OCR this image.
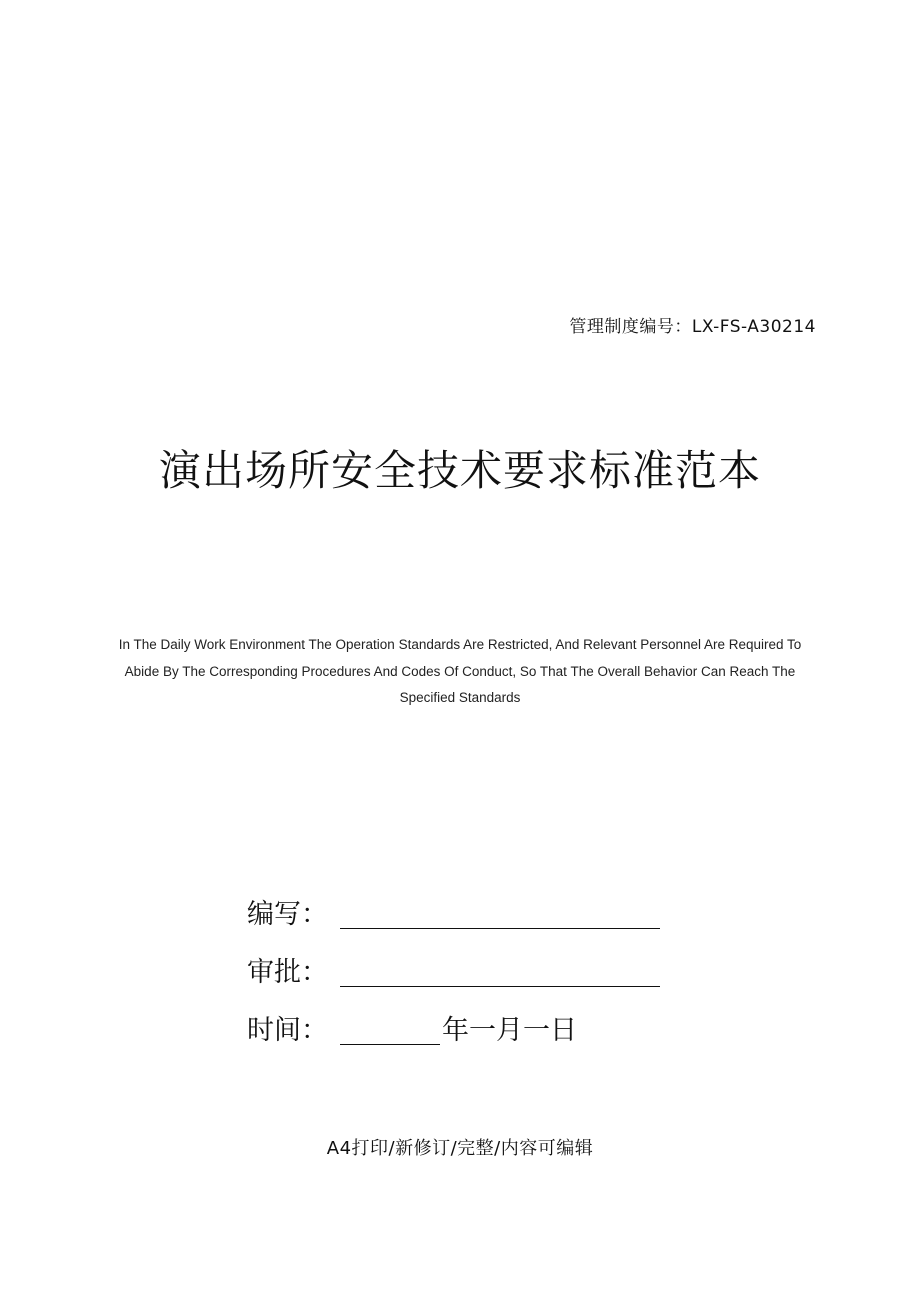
管理制度编号：LX-FS-A30214
演出场所安全技术要求标准范本
In The Daily Work Environment The Operation Standards Are Restricted, And Relevant Personnel Are Required To Abide By The Corresponding Procedures And Codes Of Conduct, So That The Overall Behavior Can Reach The Specified Standards
编写：
审批：
时间：	年一月一日
A4打印/新修订/完整/内容可编辑
